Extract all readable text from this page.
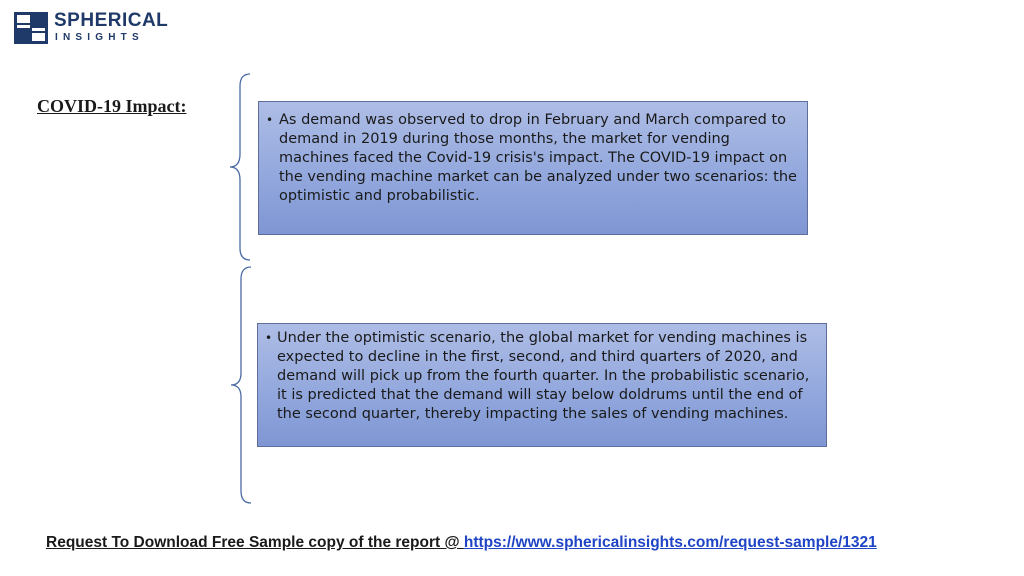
SPHERICAL
INSIGHTS
COVID-19 Impact:
• As demand was observed to drop in February and March compared to demand in 2019 during those months, the market for vending machines faced the Covid-19 crisis's impact. The COVID-19 impact on the vending machine market can be analyzed under two scenarios: the optimistic and probabilistic.

• Under the optimistic scenario, the global market for vending machines is expected to decline in the first, second, and third quarters of 2020, and demand will pick up from the fourth quarter. In the probabilistic scenario, it is predicted that the demand will stay below doldrums until the end of the second quarter, thereby impacting the sales of vending machines.

Request To Download Free Sample copy of the report @ https://www.sphericalinsights.com/request-sample/1321
